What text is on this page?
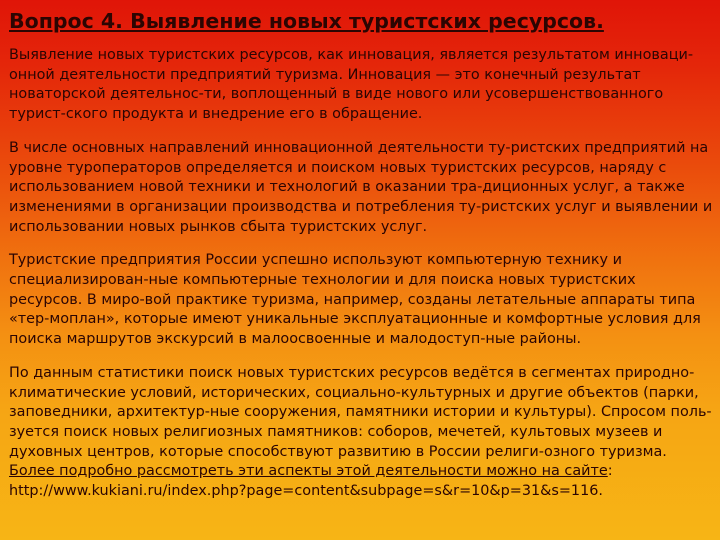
Вопрос 4. Выявление новых туристских ресурсов.

Выявление новых туристских ресурсов, как инновация, является результатом инноваци-онной деятельности предприятий туризма. Инновация — это конечный результат новаторской деятельнос-ти, воплощенный в виде нового или усовершенствованного турист-ского продукта и внедрение его в обращение.

В числе основных направлений инновационной деятельности ту-ристских предприятий на уровне туроператоров определяется и поиском новых туристских ресурсов, наряду с использованием новой техники и технологий в оказании тра-диционных услуг, а также изменениями в организации производства и потребления ту-ристских услуг и выявлении и использовании новых рынков сбыта туристских услуг.

Туристские предприятия России успешно используют компьютерную технику и специализирован-ные компьютерные технологии и для поиска новых туристских ресурсов. В миро-вой практике туризма, например, созданы летательные аппараты типа «тер-моплан», которые имеют уникальные эксплуатационные и комфортные условия для поиска маршрутов экскурсий в малоосвоенные и малодоступ-ные районы.

По данным статистики поиск новых туристских ресурсов ведётся в сегментах природно-климатические условий, исторических, социально-культурных и другие объектов (парки, заповедники, архитектур-ные сооружения, памятники истории и культуры). Спросом поль-зуется поиск новых религиозных памятников: соборов, мечетей, культовых музеев и духовных центров, которые способствуют развитию в России религи-озного туризма. Более подробно рассмотреть эти аспекты этой деятельности можно на сайте: http://www.kukiani.ru/index.php?page=content&subpage=s&r=10&p=31&s=116.
